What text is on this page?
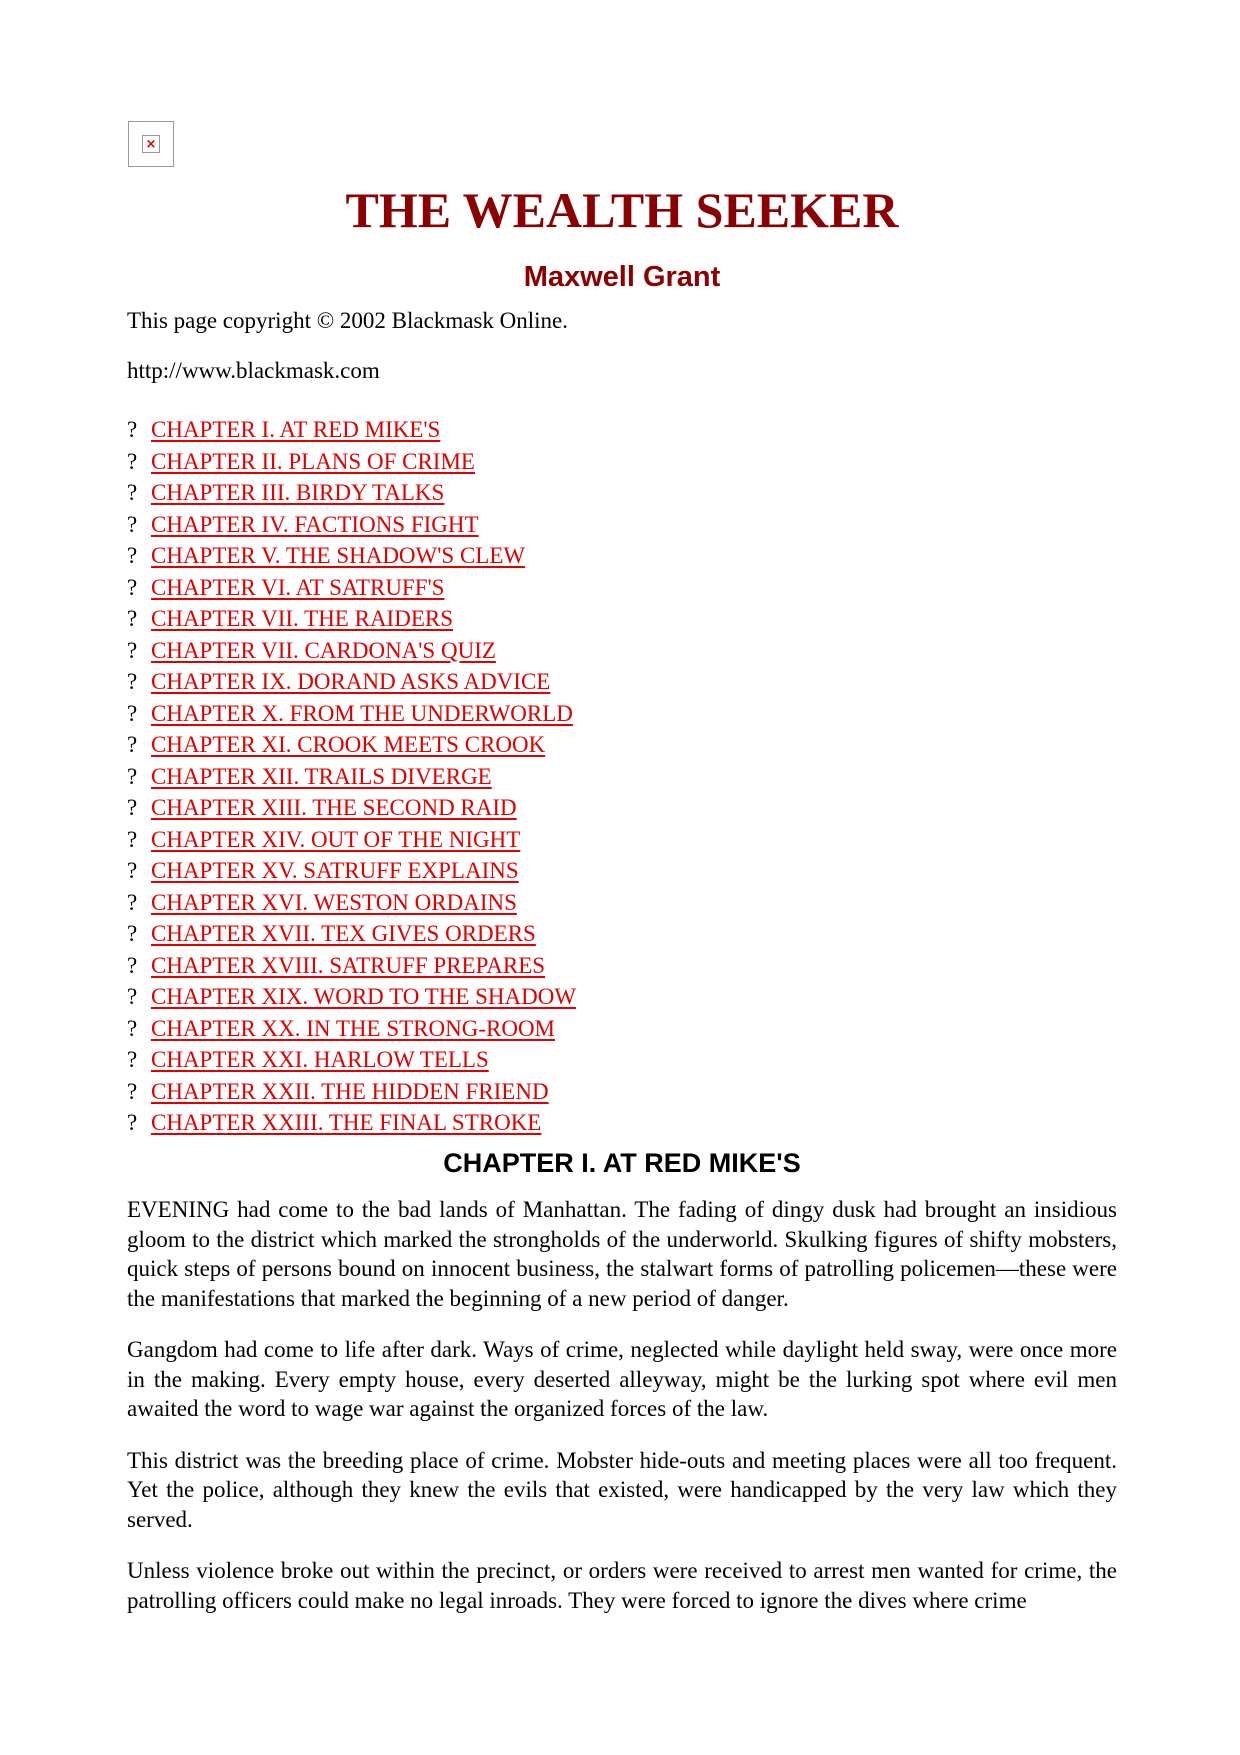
×
THE WEALTH SEEKER
Maxwell Grant

This page copyright © 2002 Blackmask Online.

http://www.blackmask.com

? CHAPTER I. AT RED MIKE'S
? CHAPTER II. PLANS OF CRIME
? CHAPTER III. BIRDY TALKS
? CHAPTER IV. FACTIONS FIGHT
? CHAPTER V. THE SHADOW'S CLEW
? CHAPTER VI. AT SATRUFF'S
? CHAPTER VII. THE RAIDERS
? CHAPTER VII. CARDONA'S QUIZ
? CHAPTER IX. DORAND ASKS ADVICE
? CHAPTER X. FROM THE UNDERWORLD
? CHAPTER XI. CROOK MEETS CROOK
? CHAPTER XII. TRAILS DIVERGE
? CHAPTER XIII. THE SECOND RAID
? CHAPTER XIV. OUT OF THE NIGHT
? CHAPTER XV. SATRUFF EXPLAINS
? CHAPTER XVI. WESTON ORDAINS
? CHAPTER XVII. TEX GIVES ORDERS
? CHAPTER XVIII. SATRUFF PREPARES
? CHAPTER XIX. WORD TO THE SHADOW
? CHAPTER XX. IN THE STRONG-ROOM
? CHAPTER XXI. HARLOW TELLS
? CHAPTER XXII. THE HIDDEN FRIEND
? CHAPTER XXIII. THE FINAL STROKE
CHAPTER I. AT RED MIKE'S

EVENING had come to the bad lands of Manhattan. The fading of dingy dusk had brought an insidious gloom to the district which marked the strongholds of the underworld. Skulking figures of shifty mobsters, quick steps of persons bound on innocent business, the stalwart forms of patrolling policemen—these were the manifestations that marked the beginning of a new period of danger.

Gangdom had come to life after dark. Ways of crime, neglected while daylight held sway, were once more in the making. Every empty house, every deserted alleyway, might be the lurking spot where evil men awaited the word to wage war against the organized forces of the law.

This district was the breeding place of crime. Mobster hide-outs and meeting places were all too frequent. Yet the police, although they knew the evils that existed, were handicapped by the very law which they served.

Unless violence broke out within the precinct, or orders were received to arrest men wanted for crime, the patrolling officers could make no legal inroads. They were forced to ignore the dives where crime
